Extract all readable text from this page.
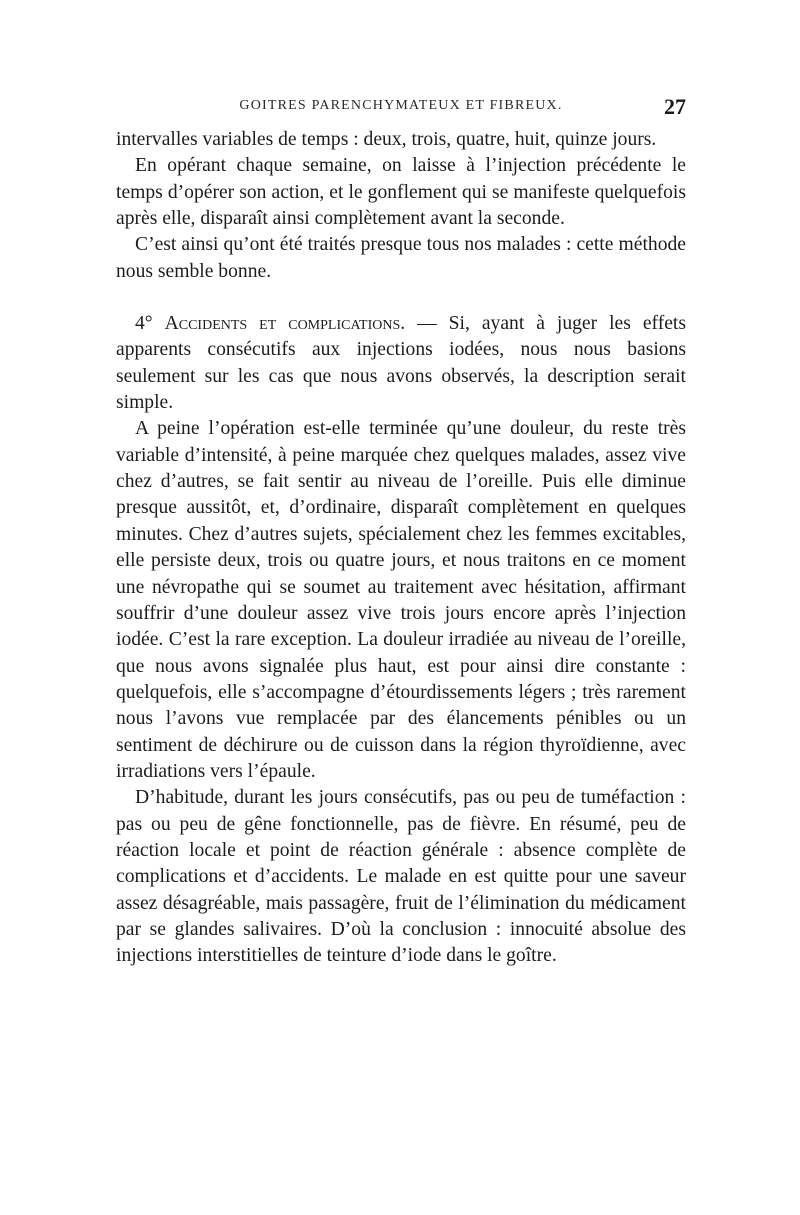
GOITRES PARENCHYMATEUX ET FIBREUX.	27

intervalles variables de temps : deux, trois, quatre, huit, quinze jours.

En opérant chaque semaine, on laisse à l’injection précédente le temps d’opérer son action, et le gonflement qui se manifeste quelquefois après elle, disparaît ainsi complètement avant la seconde.

C’est ainsi qu’ont été traités presque tous nos malades : cette méthode nous semble bonne.

4° Accidents et complications. — Si, ayant à juger les effets apparents consécutifs aux injections iodées, nous nous basions seulement sur les cas que nous avons observés, la description serait simple.

A peine l’opération est-elle terminée qu’une douleur, du reste très variable d’intensité, à peine marquée chez quelques malades, assez vive chez d’autres, se fait sentir au niveau de l’oreille. Puis elle diminue presque aussitôt, et, d’ordinaire, disparaît complètement en quelques minutes. Chez d’autres sujets, spécialement chez les femmes excitables, elle persiste deux, trois ou quatre jours, et nous traitons en ce moment une névropathe qui se soumet au traitement avec hésitation, affirmant souffrir d’une douleur assez vive trois jours encore après l’injection iodée. C’est la rare exception. La douleur irradiée au niveau de l’oreille, que nous avons signalée plus haut, est pour ainsi dire constante : quelquefois, elle s’accompagne d’étourdissements légers ; très rarement nous l’avons vue remplacée par des élancements pénibles ou un sentiment de déchirure ou de cuisson dans la région thyroïdienne, avec irradiations vers l’épaule.

D’habitude, durant les jours consécutifs, pas ou peu de tuméfaction : pas ou peu de gêne fonctionnelle, pas de fièvre. En résumé, peu de réaction locale et point de réaction générale : absence complète de complications et d’accidents. Le malade en est quitte pour une saveur assez désagréable, mais passagère, fruit de l’élimination du médicament par se glandes salivaires. D’où la conclusion : innocuité absolue des injections interstitielles de teinture d’iode dans le goître.
